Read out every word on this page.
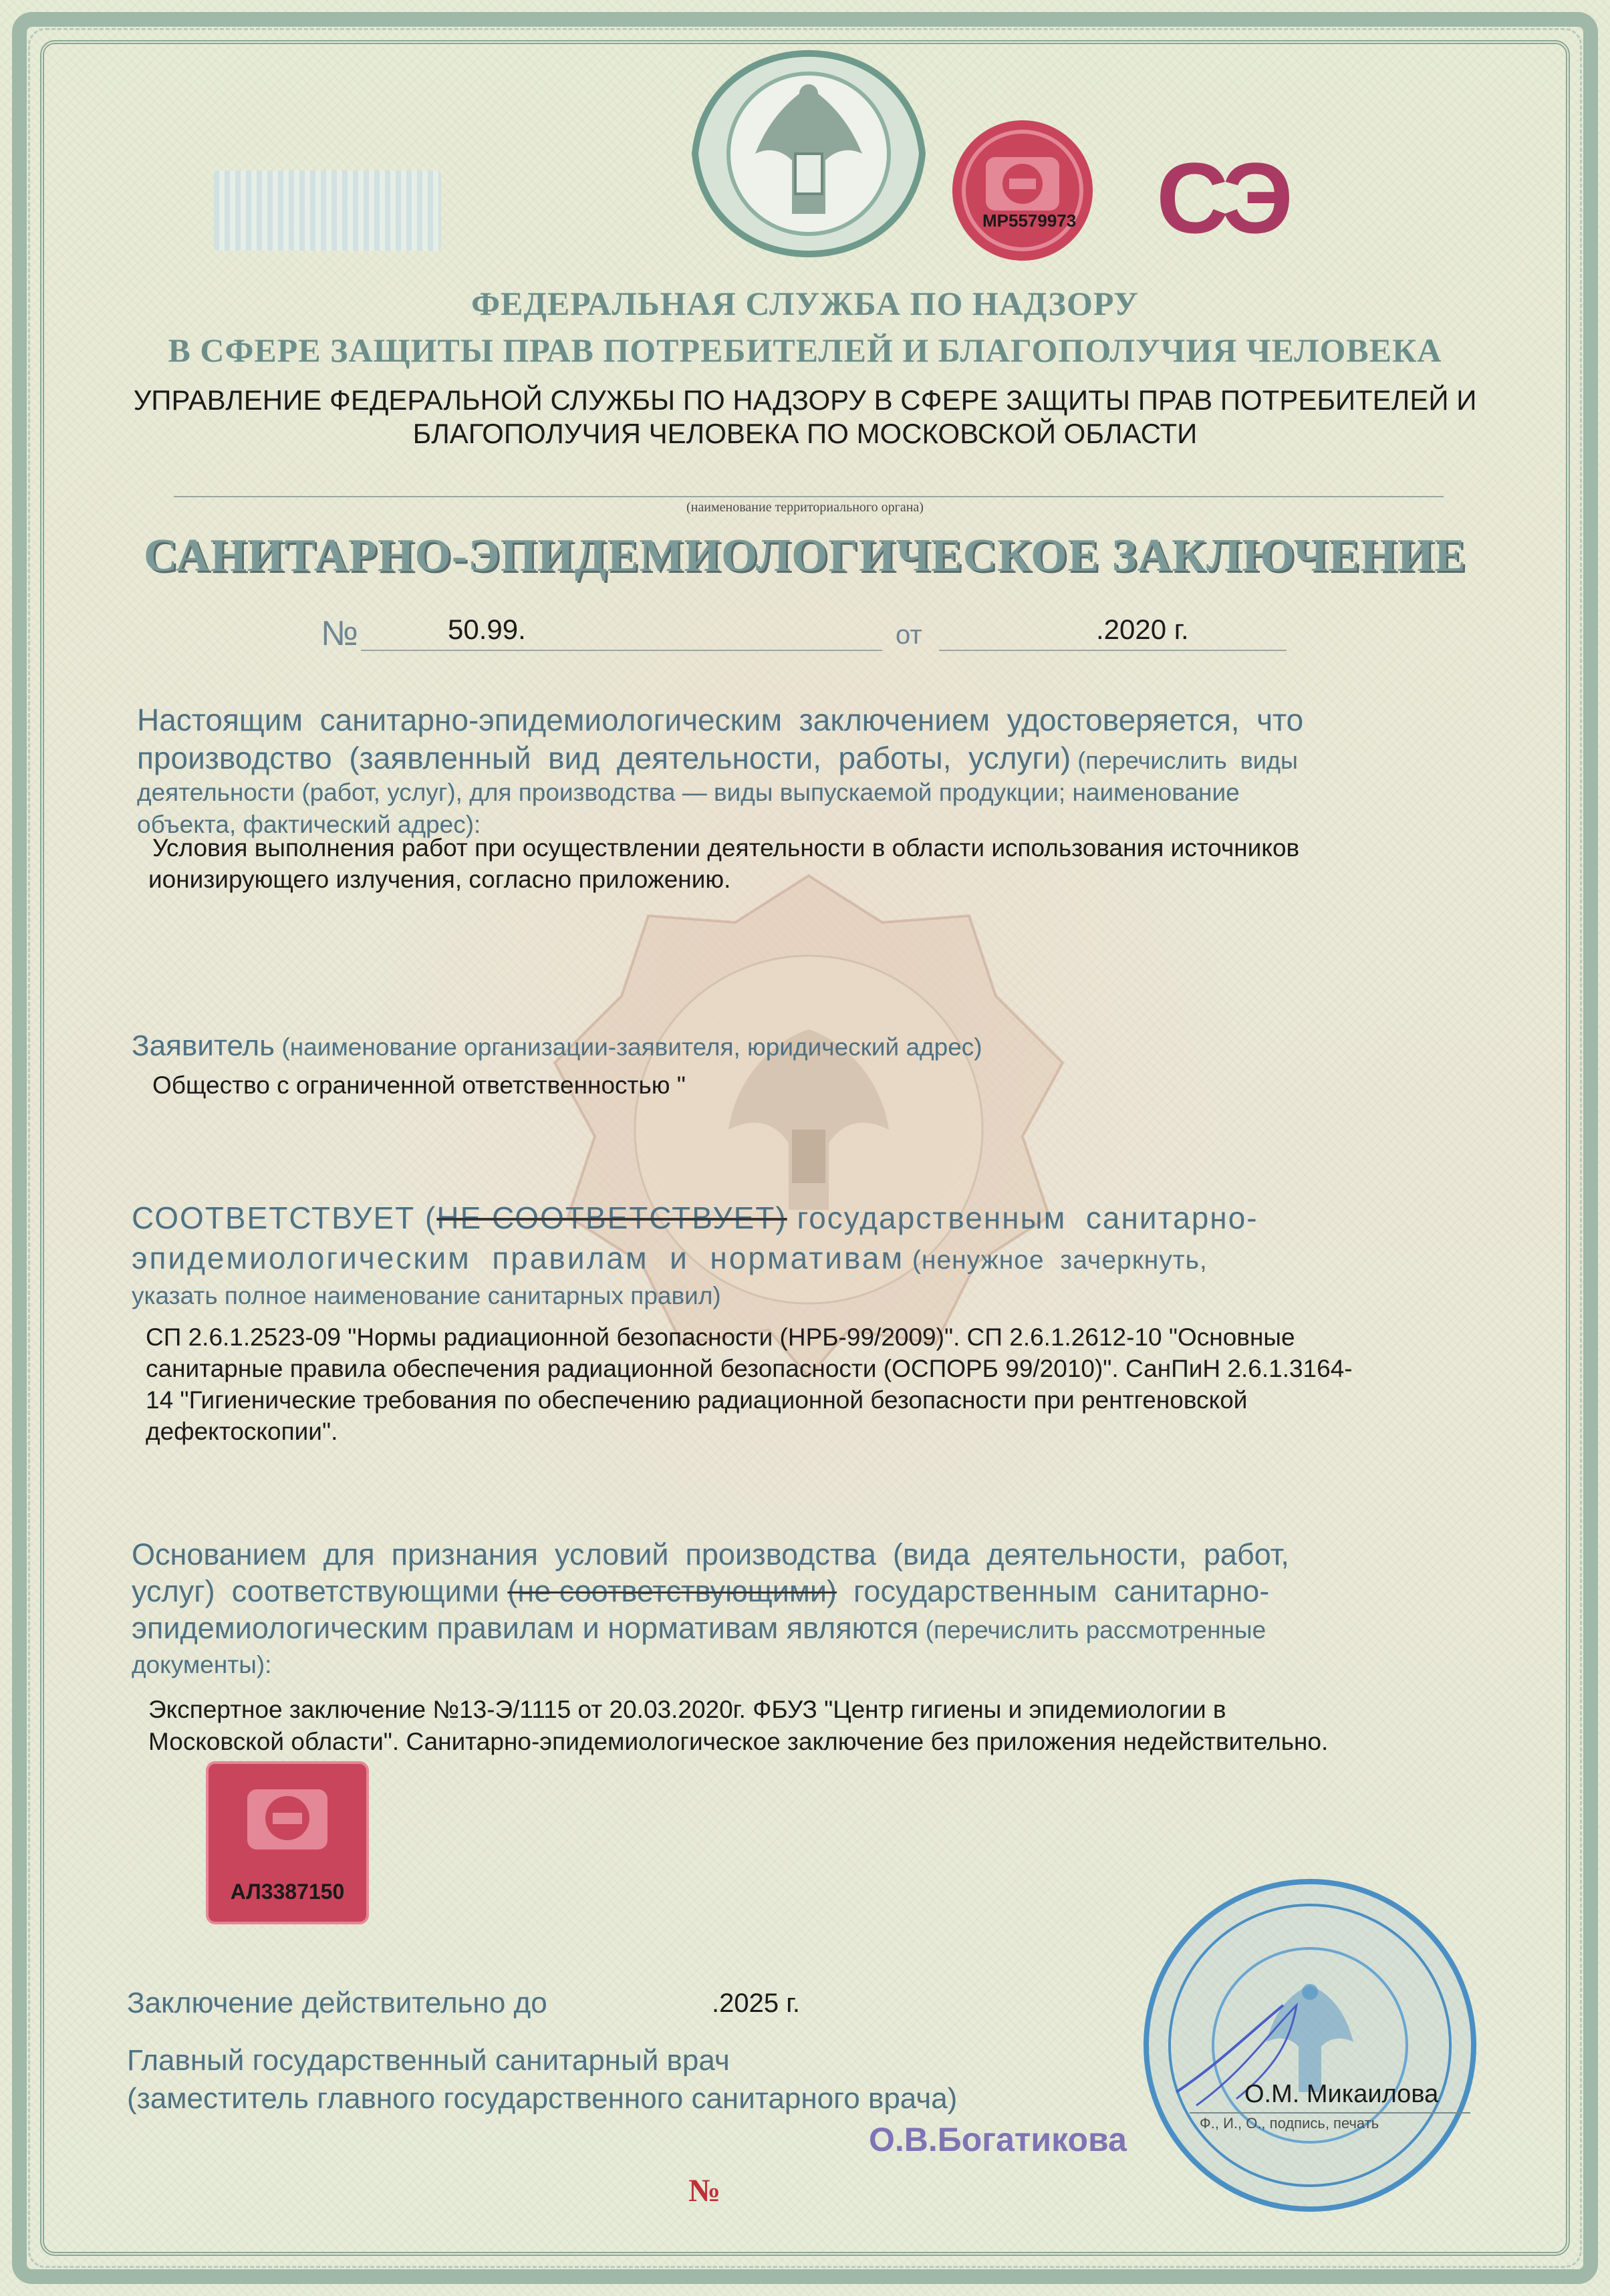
MP5579973 СЭ
ФЕДЕРАЛЬНАЯ СЛУЖБА ПО НАДЗОРУ
В СФЕРЕ ЗАЩИТЫ ПРАВ ПОТРЕБИТЕЛЕЙ И БЛАГОПОЛУЧИЯ ЧЕЛОВЕКА
УПРАВЛЕНИЕ ФЕДЕРАЛЬНОЙ СЛУЖБЫ ПО НАДЗОРУ В СФЕРЕ ЗАЩИТЫ ПРАВ ПОТРЕБИТЕЛЕЙ И
БЛАГОПОЛУЧИЯ ЧЕЛОВЕКА ПО МОСКОВСКОЙ ОБЛАСТИ
(наименование территориального органа)
САНИТАРНО-ЭПИДЕМИОЛОГИЧЕСКОЕ ЗАКЛЮЧЕНИЕ
№	50.99.	от	.2020 г.
Настоящим  санитарно-эпидемиологическим  заключением  удостоверяется,  что
производство  (заявленный  вид  деятельности,  работы,  услуги) (перечислить  виды
деятельности (работ, услуг), для производства — виды выпускаемой продукции; наименование
объекта, фактический адрес):
Условия выполнения работ при осуществлении деятельности в области использования источников
ионизирующего излучения, согласно приложению.
Заявитель (наименование организации-заявителя, юридический адрес)
Общество с ограниченной ответственностью "
СООТВЕТСТВУЕТ (НЕ СООТВЕТСТВУЕТ) государственным  санитарно-
эпидемиологическим  правилам  и  нормативам (ненужное  зачеркнуть,
указать полное наименование санитарных правил)
СП 2.6.1.2523-09 "Нормы радиационной безопасности (НРБ-99/2009)". СП 2.6.1.2612-10 "Основные
санитарные правила обеспечения радиационной безопасности (ОСПОРБ 99/2010)". СанПиН 2.6.1.3164-
14 "Гигиенические требования по обеспечению радиационной безопасности при рентгеновской
дефектоскопии".
Основанием  для  признания  условий  производства  (вида  деятельности,  работ,
услуг)  соответствующими (не соответствующими)  государственным  санитарно-
эпидемиологическим правилам и нормативам являются (перечислить рассмотренные
документы):
Экспертное заключение №13-Э/1115 от 20.03.2020г. ФБУЗ "Центр гигиены и эпидемиологии в
Московской области". Санитарно-эпидемиологическое заключение без приложения недействительно.
АЛ3387150
Заключение действительно до	.2025 г.
Главный государственный санитарный врач
(заместитель главного государственного санитарного врача)	О.М. Микаилова
Ф., И., О., подпись, печать
О.В.Богатикова
№
